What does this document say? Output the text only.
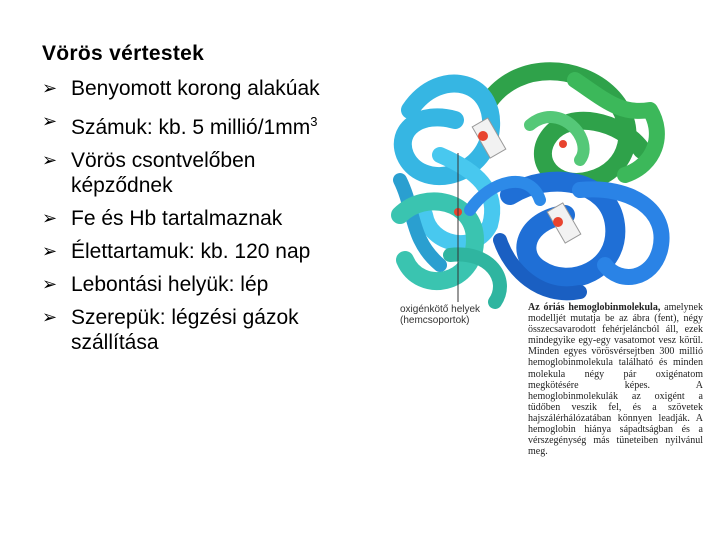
Vörös vértestek
➢ Benyomott korong alakúak
➢ Számuk: kb. 5 millió/$1mm^3$
➢ Vörös csontvelőben képződnek
➢ Fe és Hb tartalmaznak
➢ Élettartamuk: kb. 120 nap
➢ Lebontási helyük: lép
➢ Szerepük: légzési gázok szállítása
oxigénkötő helyek
(hemcsoportok)
Az óriás hemoglobinmolekula, amelynek modelljét mutatja be az ábra (fent), négy összecsavarodott fehérjeláncból áll, ezek mindegyike egy-egy vasatomot vesz körül. Minden egyes vörösvérsejtben 300 millió hemoglobinmolekula található és minden molekula négy pár oxigénatom megkötésére képes. A hemoglobinmolekulák az oxigént a tüdőben veszik fel, és a szövetek hajszálérhálózatában könnyen leadják. A hemoglobin hiánya sápadtságban és a vérszegénység más tüneteiben nyilvánul meg.
